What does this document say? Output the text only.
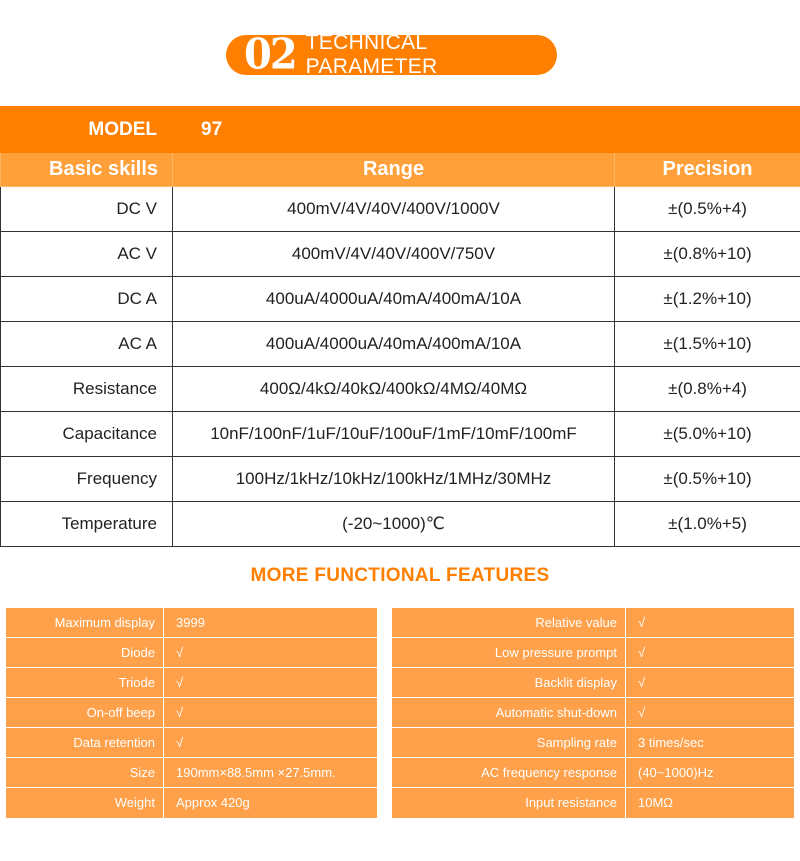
02 TECHNICAL PARAMETER
MODEL	97	
Basic skills	Range	Precision
DC V	400mV/4V/40V/400V/1000V	±(0.5%+4)
AC V	400mV/4V/40V/400V/750V	±(0.8%+10)
DC A	400uA/4000uA/40mA/400mA/10A	±(1.2%+10)
AC A	400uA/4000uA/40mA/400mA/10A	±(1.5%+10)
Resistance	400Ω/4kΩ/40kΩ/400kΩ/4MΩ/40MΩ	±(0.8%+4)
Capacitance	10nF/100nF/1uF/10uF/100uF/1mF/10mF/100mF	±(5.0%+10)
Frequency	100Hz/1kHz/10kHz/100kHz/1MHz/30MHz	±(0.5%+10)
Temperature	(-20~1000)℃	±(1.0%+5)
MORE FUNCTIONAL FEATURES
Maximum display	3999
Diode	√
Triode	√
On-off beep	√
Data retention	√
Size	190mm×88.5mm ×27.5mm.
Weight	Approx 420g
Relative value	√
Low pressure prompt	√
Backlit display	√
Automatic shut-down	√
Sampling rate	3 times/sec
AC frequency response	(40~1000)Hz
Input resistance	10MΩ
